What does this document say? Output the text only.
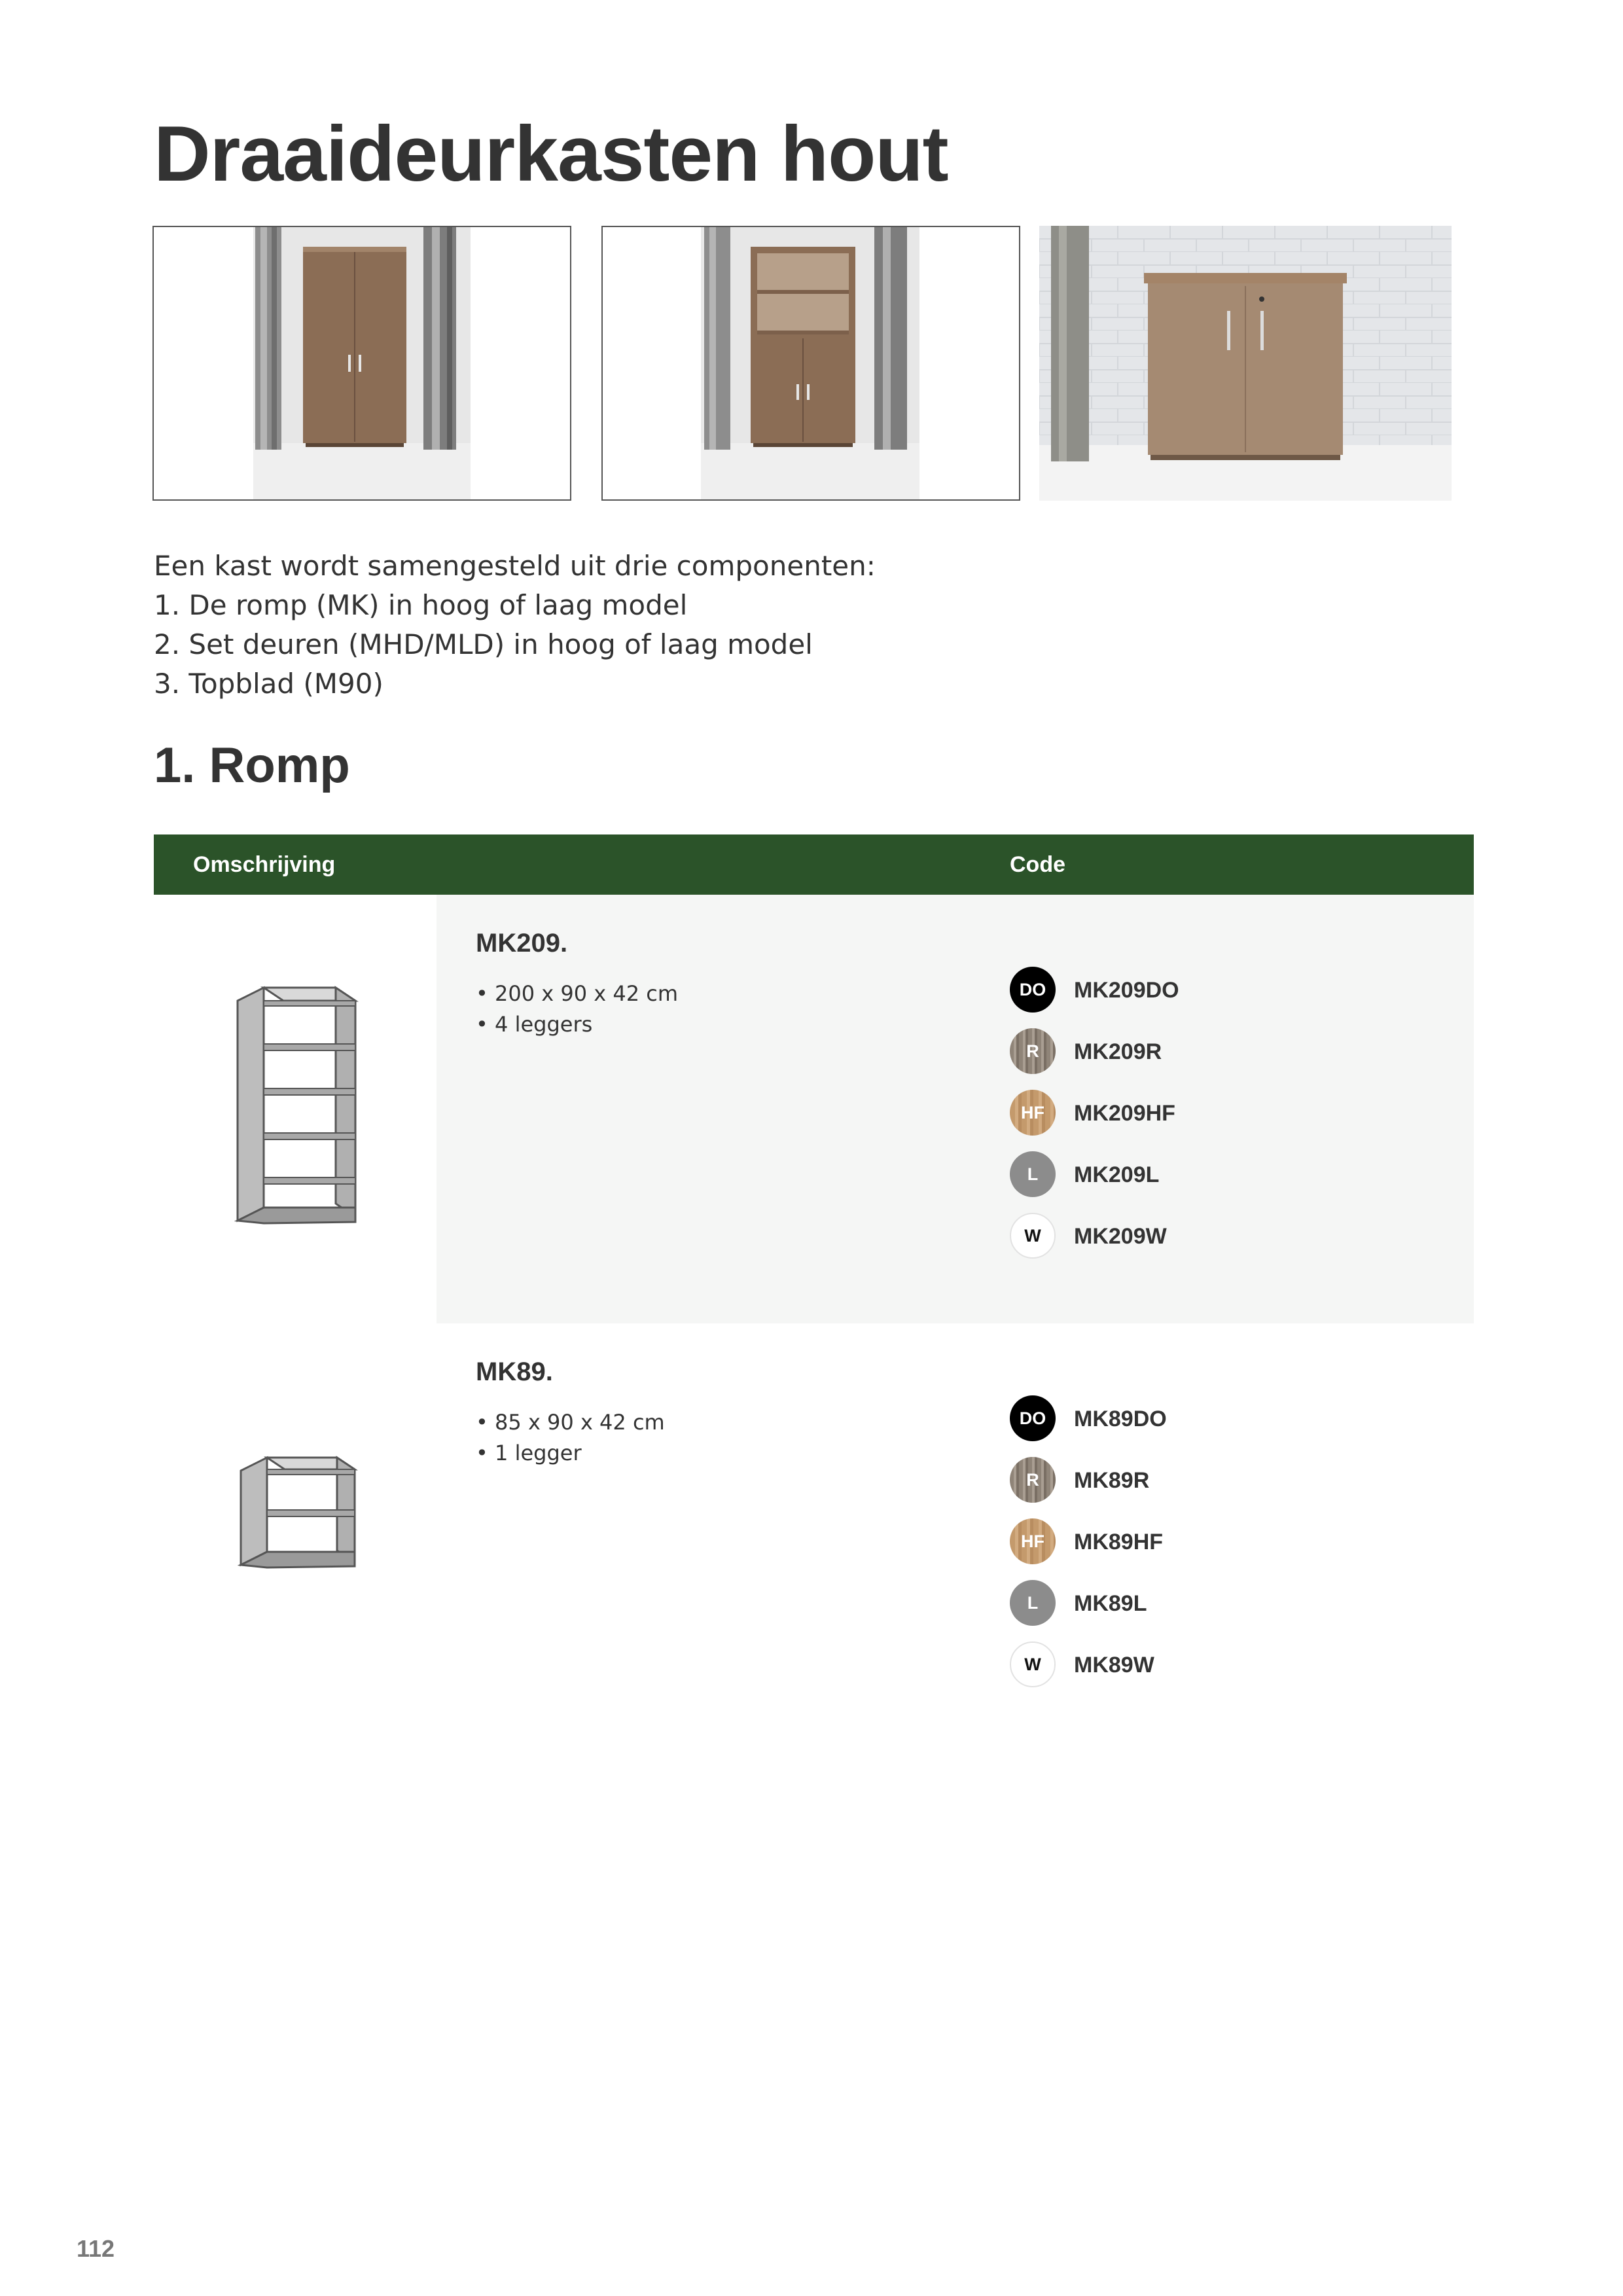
Draaideurkasten hout
Een kast wordt samengesteld uit drie componenten:
1. De romp (MK) in hoog of laag model
2. Set deuren (MHD/MLD) in hoog of laag model
3. Topblad (M90)
1. Romp
Omschrijving	Code
MK209.
• 200 x 90 x 42 cm
• 4 leggers
DO	MK209DO
R	MK209R
HF	MK209HF
L	MK209L
W	MK209W
MK89.
• 85 x 90 x 42 cm
• 1 legger
DO	MK89DO
R	MK89R
HF	MK89HF
L	MK89L
W	MK89W
112
